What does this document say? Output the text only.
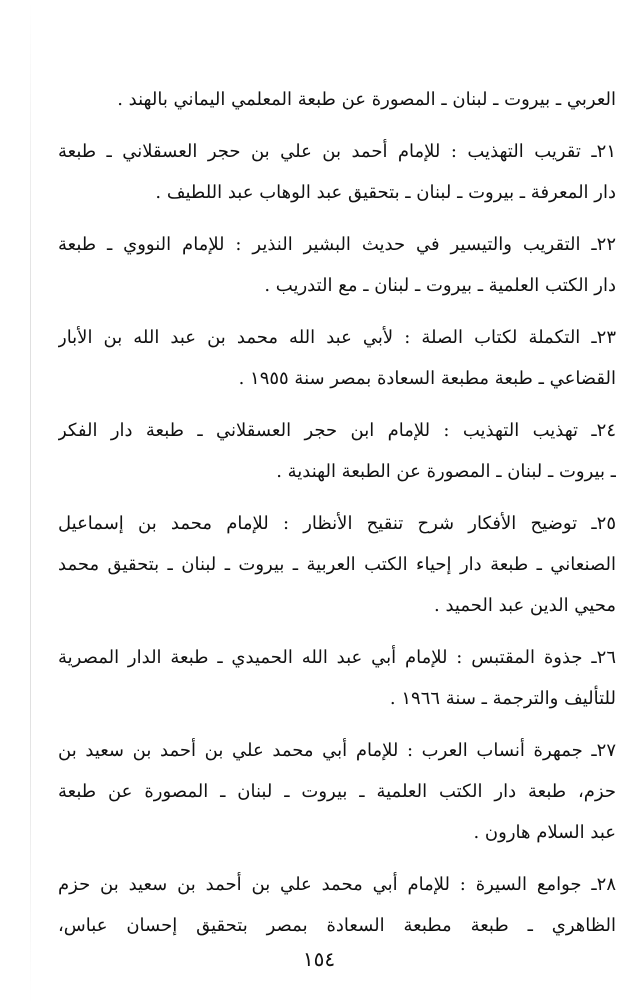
العربي ـ بيروت ـ لبنان ـ المصورة عن طبعة المعلمي اليماني بالهند .
٢١ـ تقريب التهذيب : للإمام أحمد بن علي بن حجر العسقلاني ـ طبعة
دار المعرفة ـ بيروت ـ لبنان ـ بتحقيق عبد الوهاب عبد اللطيف .
٢٢ـ التقريب والتيسير في حديث البشير النذير : للإمام النووي ـ طبعة
دار الكتب العلمية ـ بيروت ـ لبنان ـ مع التدريب .
٢٣ـ التكملة لكتاب الصلة : لأبي عبد الله محمد بن عبد الله بن الأبار
القضاعي ـ طبعة مطبعة السعادة بمصر سنة ١٩٥٥ .
٢٤ـ تهذيب التهذيب : للإمام ابن حجر العسقلاني ـ طبعة دار الفكر
ـ بيروت ـ لبنان ـ المصورة عن الطبعة الهندية .
٢٥ـ توضيح الأفكار شرح تنقيح الأنظار : للإمام محمد بن إسماعيل
الصنعاني ـ طبعة دار إحياء الكتب العربية ـ بيروت ـ لبنان ـ بتحقيق محمد
محيي الدين عبد الحميد .
٢٦ـ جذوة المقتبس : للإمام أبي عبد الله الحميدي ـ طبعة الدار المصرية
للتأليف والترجمة ـ سنة ١٩٦٦ .
٢٧ـ جمهرة أنساب العرب : للإمام أبي محمد علي بن أحمد بن سعيد بن
حزم، طبعة دار الكتب العلمية ـ بيروت ـ لبنان ـ المصورة عن طبعة
عبد السلام هارون .
٢٨ـ جوامع السيرة : للإمام أبي محمد علي بن أحمد بن سعيد بن حزم
الظاهري ـ طبعة مطبعة السعادة بمصر بتحقيق إحسان عباس،
١٥٤
